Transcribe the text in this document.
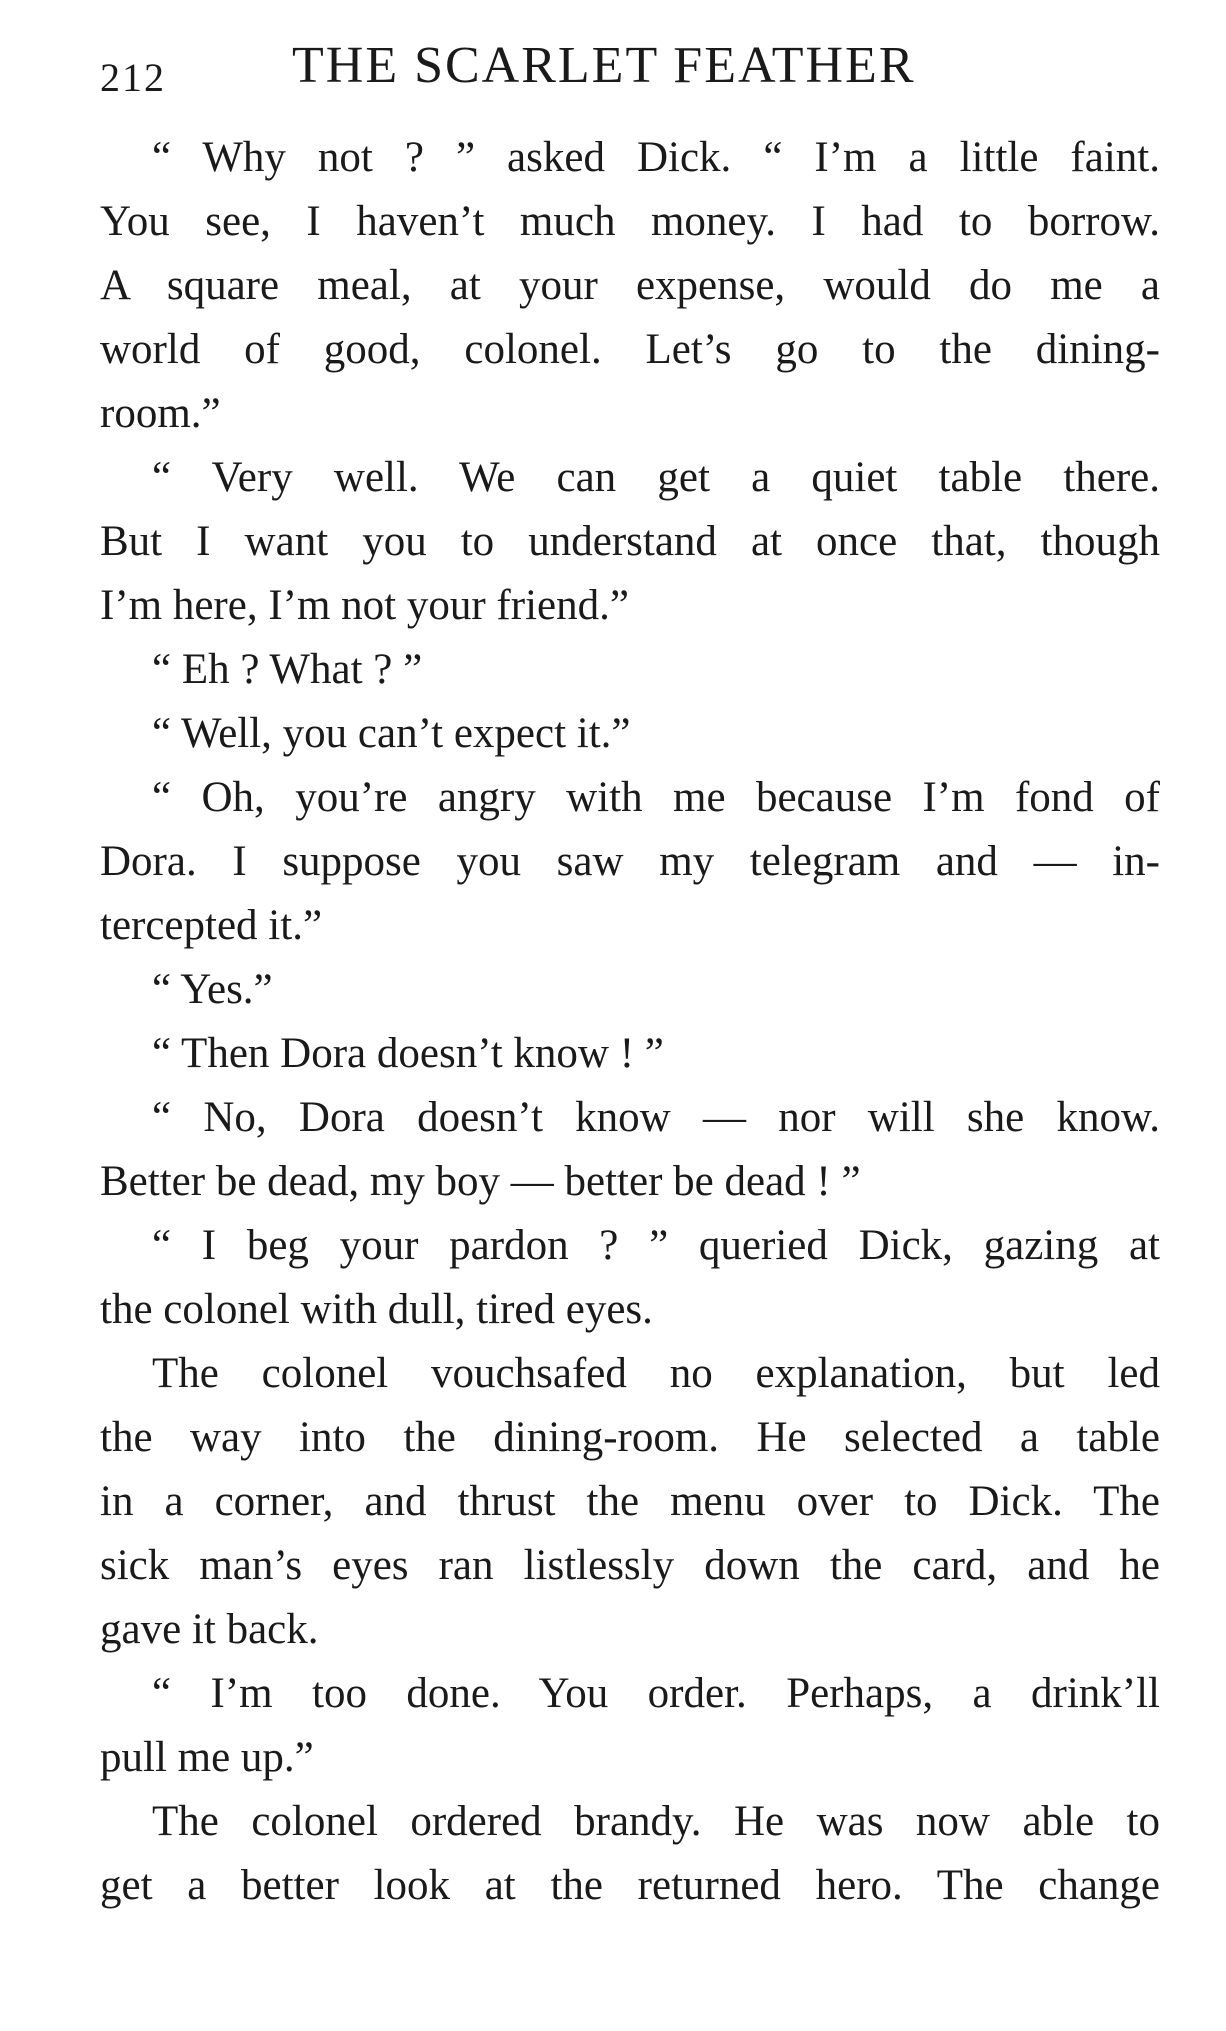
212 THE SCARLET FEATHER
“ Why not ? ” asked Dick. “ I’m a little faint.
You see, I haven’t much money. I had to borrow.
A square meal, at your expense, would do me a
world of good, colonel. Let’s go to the dining-
room.”
“ Very well. We can get a quiet table there.
But I want you to understand at once that, though
I’m here, I’m not your friend.”
“ Eh ? What ? ”
“ Well, you can’t expect it.”
“ Oh, you’re angry with me because I’m fond of
Dora. I suppose you saw my telegram and — in-
tercepted it.”
“ Yes.”
“ Then Dora doesn’t know ! ”
“ No, Dora doesn’t know — nor will she know.
Better be dead, my boy — better be dead ! ”
“ I beg your pardon ? ” queried Dick, gazing at
the colonel with dull, tired eyes.
The colonel vouchsafed no explanation, but led
the way into the dining-room. He selected a table
in a corner, and thrust the menu over to Dick. The
sick man’s eyes ran listlessly down the card, and he
gave it back.
“ I’m too done. You order. Perhaps, a drink’ll
pull me up.”
The colonel ordered brandy. He was now able to
get a better look at the returned hero. The change
